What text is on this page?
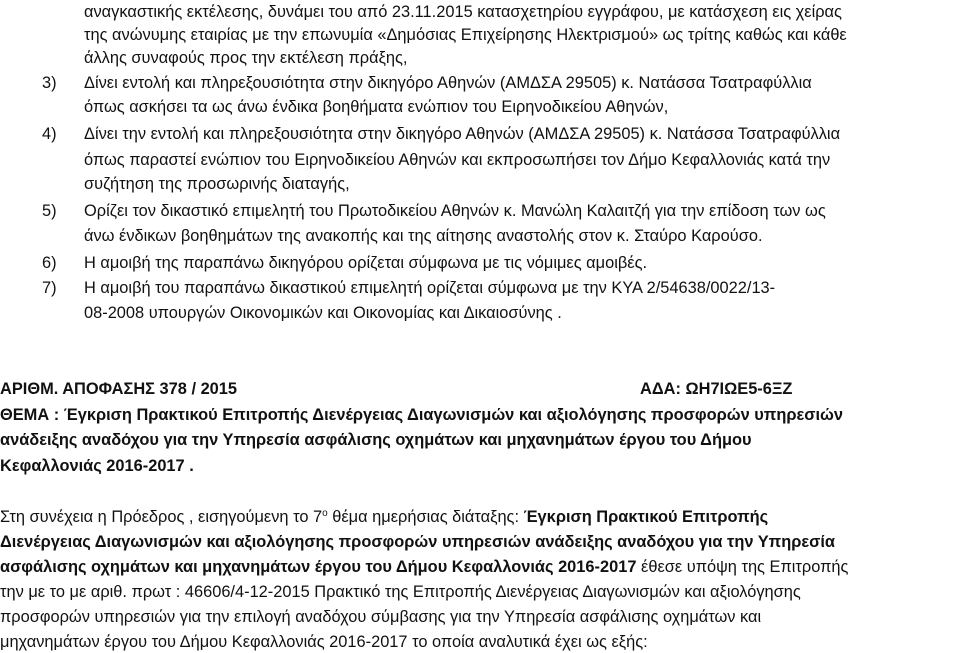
αναγκαστικής εκτέλεσης, δυνάμει του από 23.11.2015 κατασχετηρίου εγγράφου, με κατάσχεση εις χείρας
της ανώνυμης εταιρίας με την επωνυμία «Δημόσιας Επιχείρησης Ηλεκτρισμού» ως τρίτης καθώς και κάθε
άλλης συναφούς προς την εκτέλεση πράξης,
3) Δίνει εντολή και πληρεξουσιότητα στην δικηγόρο Αθηνών (ΑΜΔΣΑ 29505) κ. Νατάσσα Τσατραφύλλια
όπως ασκήσει τα ως άνω ένδικα βοηθήματα ενώπιον του Ειρηνοδικείου Αθηνών,
4) Δίνει την εντολή και πληρεξουσιότητα στην δικηγόρο Αθηνών (ΑΜΔΣΑ 29505) κ. Νατάσσα Τσατραφύλλια
όπως παραστεί ενώπιον του Ειρηνοδικείου Αθηνών και εκπροσωπήσει τον Δήμο Κεφαλλονιάς κατά την
συζήτηση της προσωρινής διαταγής,
5) Ορίζει τον δικαστικό επιμελητή του Πρωτοδικείου Αθηνών κ. Μανώλη Καλαιτζή για την επίδοση των ως
άνω ένδικων βοηθημάτων της ανακοπής και της αίτησης αναστολής στον κ. Σταύρο Καρούσο.
6) Η αμοιβή της παραπάνω δικηγόρου ορίζεται σύμφωνα με τις νόμιμες αμοιβές.
7) Η αμοιβή του παραπάνω δικαστικού επιμελητή ορίζεται σύμφωνα με την ΚΥΑ 2/54638/0022/13-
08-2008 υπουργών Οικονομικών και Οικονομίας και Δικαιοσύνης .
ΑΡΙΘΜ. ΑΠΟΦΑΣΗΣ 378 / 2015	ΑΔΑ: ΩΗ7ΙΩΕ5-6ΞΖ
ΘΕΜΑ : Έγκριση Πρακτικού Επιτροπής Διενέργειας Διαγωνισμών και αξιολόγησης προσφορών υπηρεσιών
ανάδειξης αναδόχου για την Υπηρεσία ασφάλισης οχημάτων και μηχανημάτων έργου του Δήμου
Κεφαλλονιάς 2016-2017 .
Στη συνέχεια η Πρόεδρος , εισηγούμενη το $7^o$ θέμα ημερήσιας διάταξης: Έγκριση Πρακτικού Επιτροπής
Διενέργειας Διαγωνισμών και αξιολόγησης προσφορών υπηρεσιών ανάδειξης αναδόχου για την Υπηρεσία
ασφάλισης οχημάτων και μηχανημάτων έργου του Δήμου Κεφαλλονιάς 2016-2017 έθεσε υπόψη της Επιτροπής
την με το με αριθ. πρωτ : 46606/4-12-2015 Πρακτικό της Επιτροπής Διενέργειας Διαγωνισμών και αξιολόγησης
προσφορών υπηρεσιών για την επιλογή αναδόχου σύμβασης για την Υπηρεσία ασφάλισης οχημάτων και
μηχανημάτων έργου του Δήμου Κεφαλλονιάς 2016-2017 το οποία αναλυτικά έχει ως εξής:
